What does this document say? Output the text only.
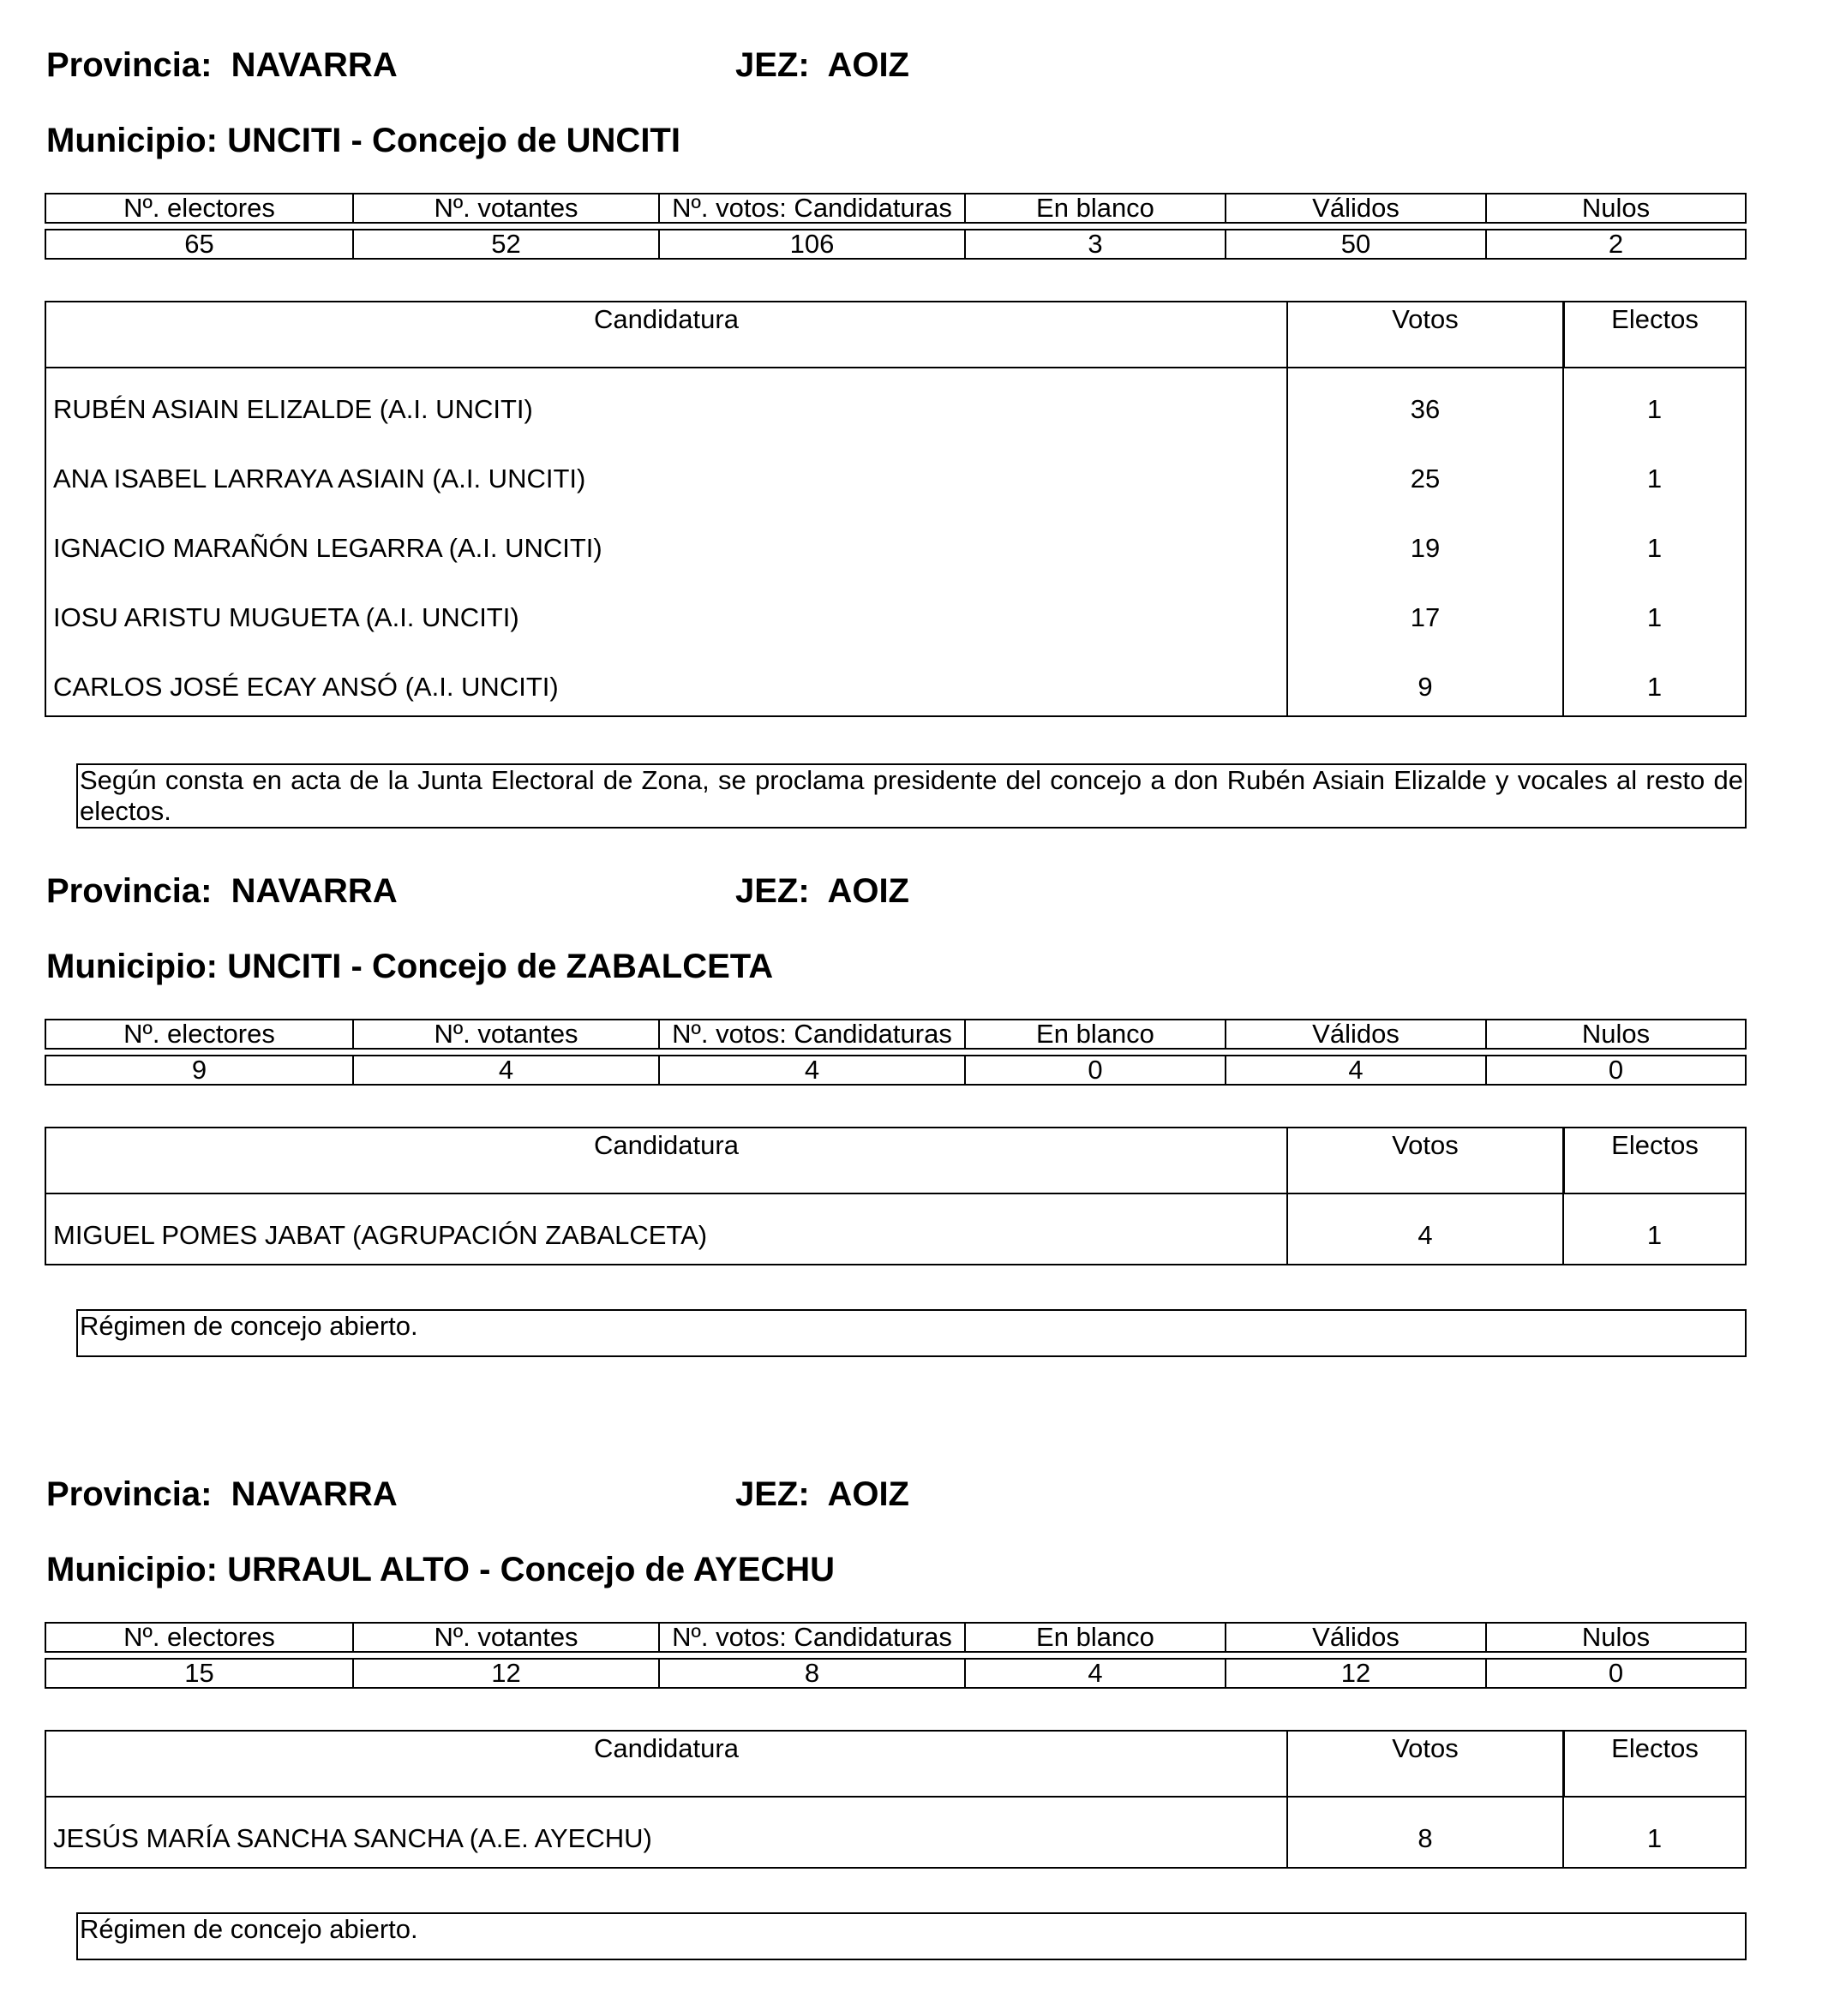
Provincia: NAVARRA	JEZ: AOIZ
Municipio: UNCITI - Concejo de UNCITI
Nº. electores	Nº. votantes	Nº. votos: Candidaturas	En blanco	Válidos	Nulos
65	52	106	3	50	2
Candidatura	Votos	Electos
RUBÉN ASIAIN ELIZALDE (A.I. UNCITI)	36	1
ANA ISABEL LARRAYA ASIAIN (A.I. UNCITI)	25	1
IGNACIO MARAÑÓN LEGARRA (A.I. UNCITI)	19	1
IOSU ARISTU MUGUETA (A.I. UNCITI)	17	1
CARLOS JOSÉ ECAY ANSÓ (A.I. UNCITI)	9	1
Según consta en acta de la Junta Electoral de Zona, se proclama presidente del concejo a don Rubén Asiain Elizalde y vocales al resto de electos.
Provincia: NAVARRA	JEZ: AOIZ
Municipio: UNCITI - Concejo de ZABALCETA
Nº. electores	Nº. votantes	Nº. votos: Candidaturas	En blanco	Válidos	Nulos
9	4	4	0	4	0
Candidatura	Votos	Electos
MIGUEL POMES JABAT (AGRUPACIÓN ZABALCETA)	4	1
Régimen de concejo abierto.
Provincia: NAVARRA	JEZ: AOIZ
Municipio: URRAUL ALTO - Concejo de AYECHU
Nº. electores	Nº. votantes	Nº. votos: Candidaturas	En blanco	Válidos	Nulos
15	12	8	4	12	0
Candidatura	Votos	Electos
JESÚS MARÍA SANCHA SANCHA (A.E. AYECHU)	8	1
Régimen de concejo abierto.
